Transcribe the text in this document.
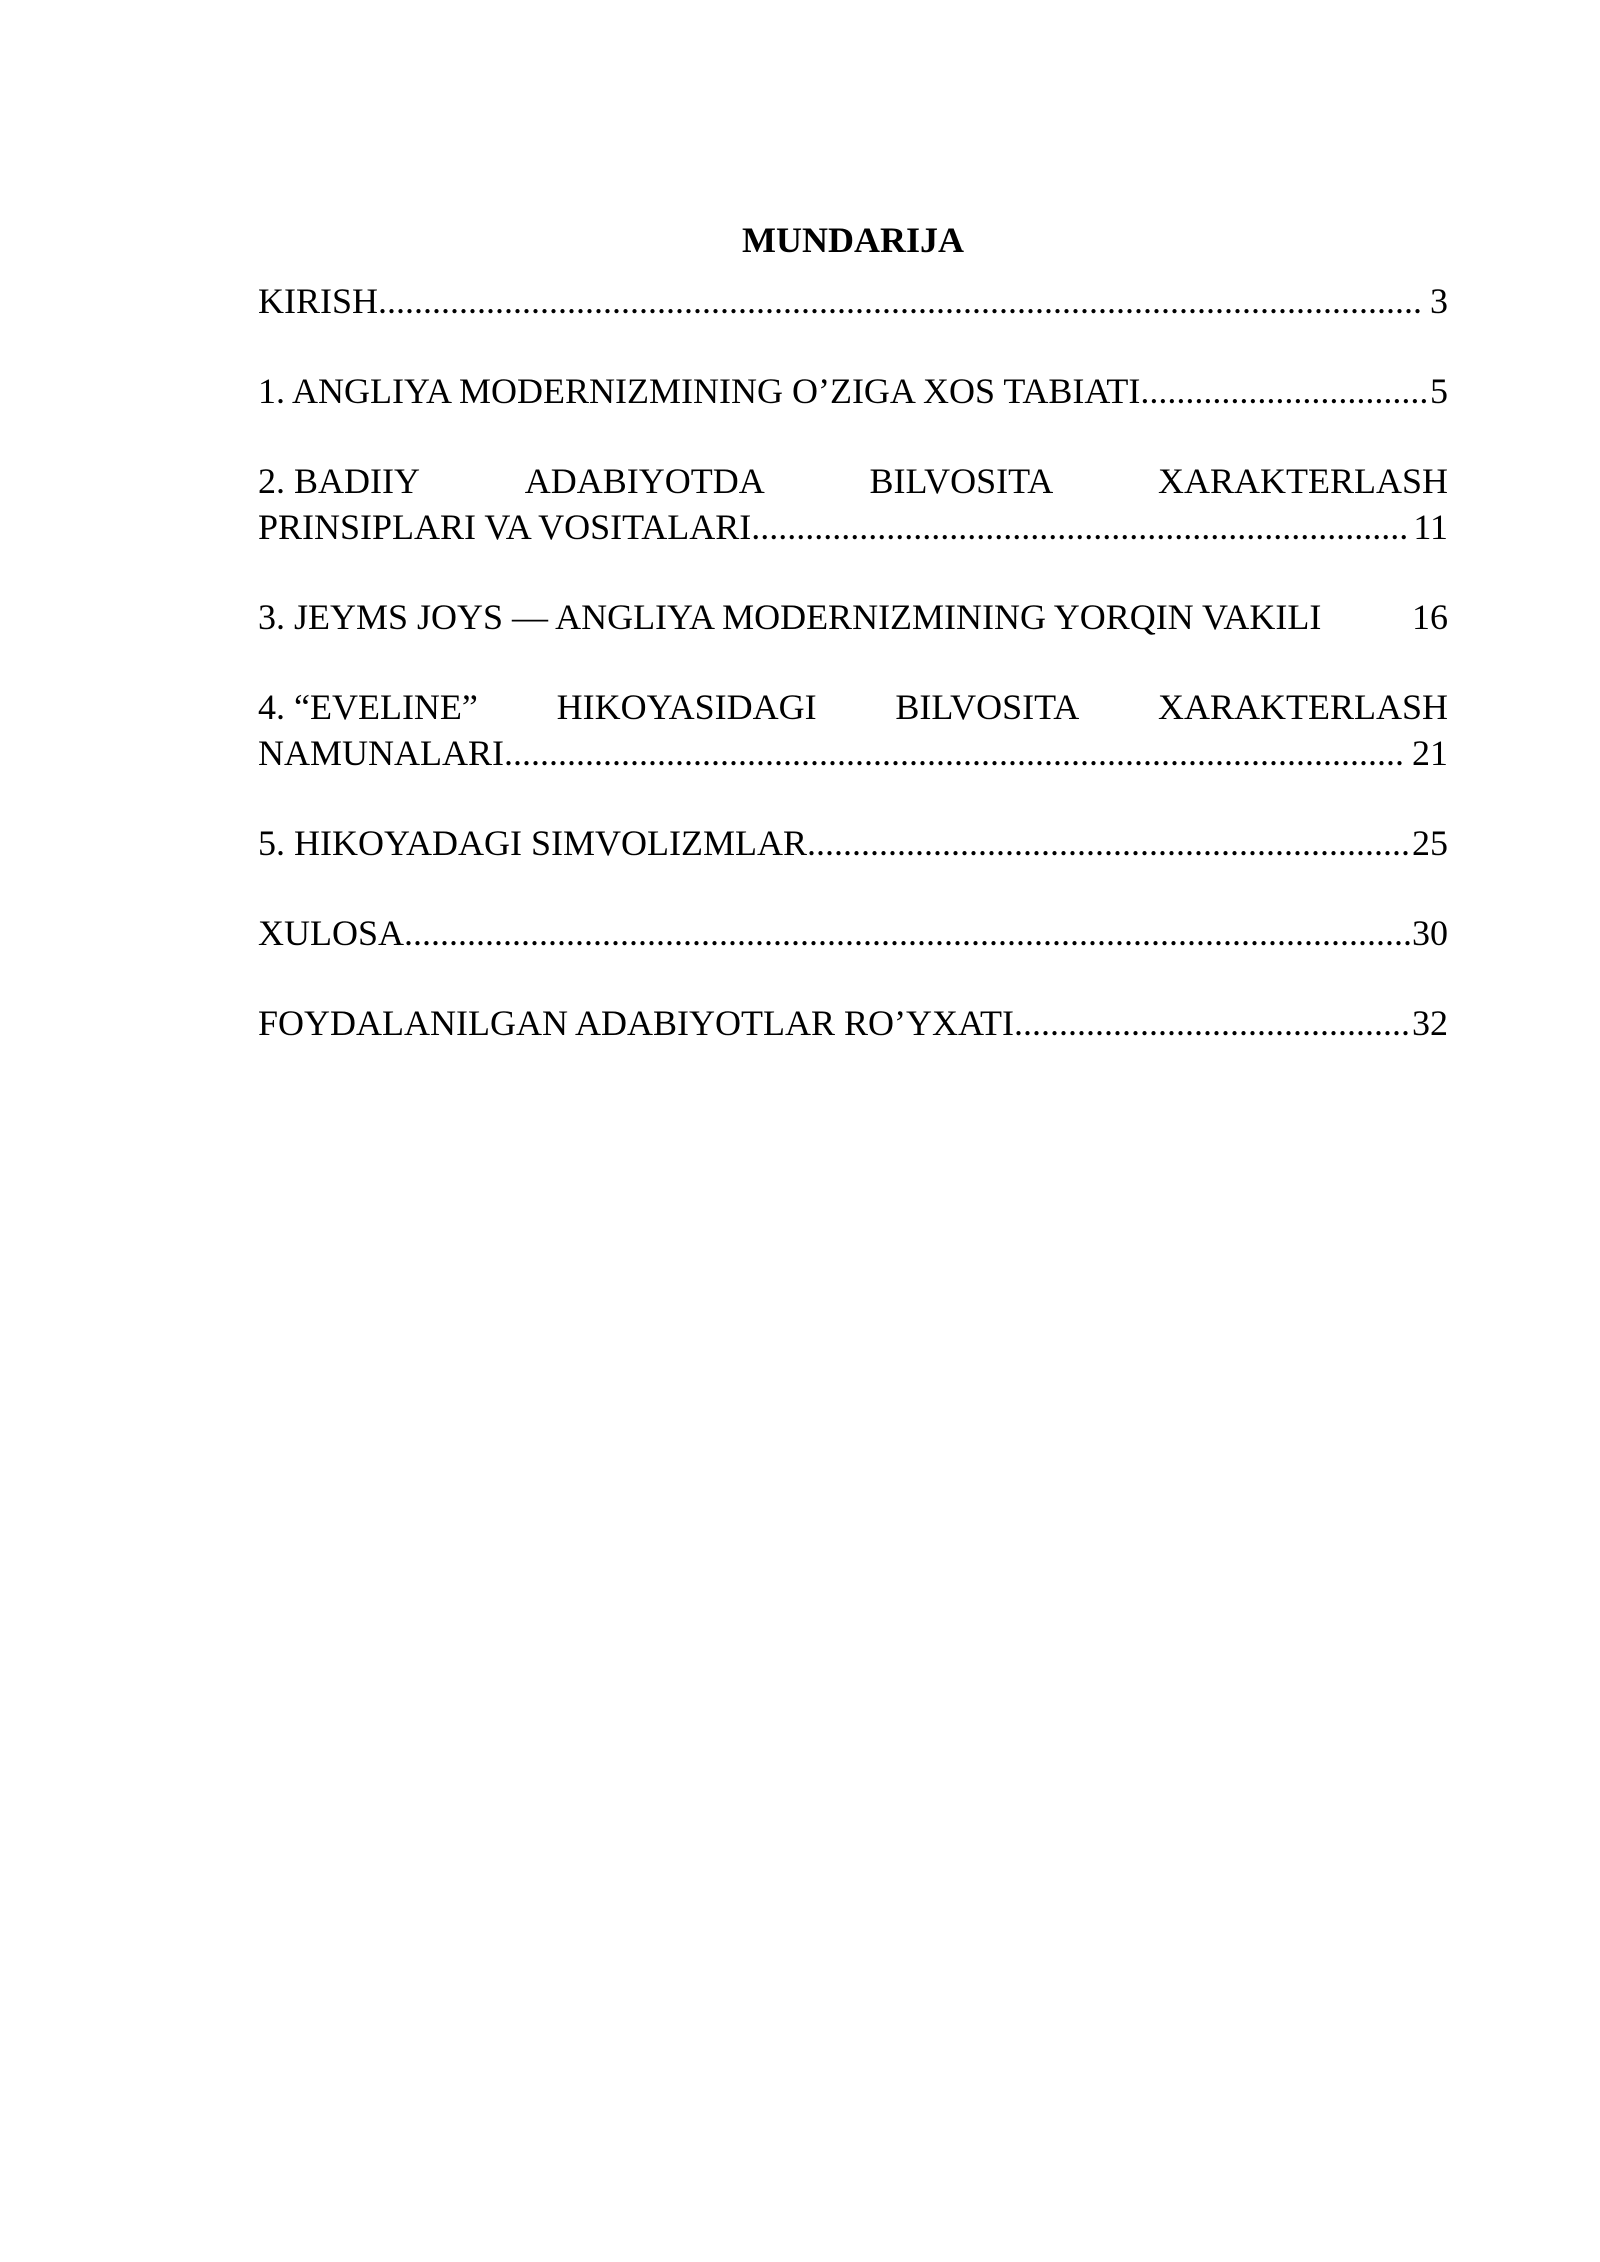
MUNDARIJA
KIRISH .....	3
1. ANGLIYA MODERNIZMINING O’ZIGA XOS TABIATI .....	5
2. BADIIY	ADABIYOTDA	BILVOSITA	XARAKTERLASH
PRINSIPLARI VA VOSITALARI .....	11
3. JEYMS JOYS — ANGLIYA MODERNIZMINING YORQIN VAKILI	16
4. “EVELINE” HIKOYASIDAGI BILVOSITA XARAKTERLASH
NAMUNALARI .....	21
5. HIKOYADAGI SIMVOLIZMLAR .....	25
XULOSA .....	30
FOYDALANILGAN ADABIYOTLAR RO’YXATI .....	32
